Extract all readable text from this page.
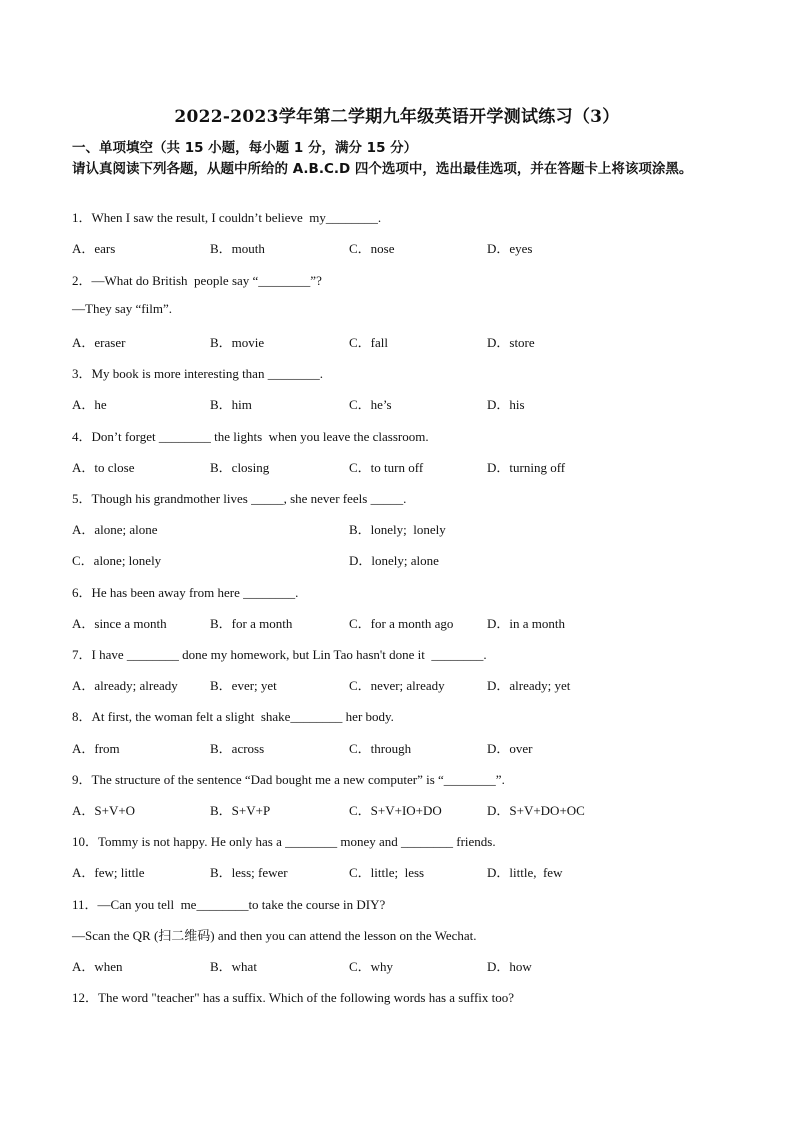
2022-2023学年第二学期九年级英语开学测试练习（3）
一、单项填空（共 15 小题，每小题 1 分，满分 15 分）
请认真阅读下列各题，从题中所给的 A.B.C.D 四个选项中，选出最佳选项，并在答题卡上将该项涂黑。
1．When I saw the result, I couldn’t believe  my________.
A．ears	B．mouth	C．nose	D．eyes
2．—What do British  people say “________”?
—They say “film”.
A．eraser	B．movie	C．fall	D．store
3．My book is more interesting than ________.
A．he	B．him	C．he’s	D．his
4．Don’t forget ________ the lights  when you leave the classroom.
A．to close	B．closing	C．to turn off	D．turning off
5．Though his grandmother lives _____, she never feels _____.
A．alone; alone	B．lonely;  lonely
C．alone; lonely	D．lonely; alone
6．He has been away from here ________.
A．since a month	B．for a month	C．for a month ago	D．in a month
7．I have ________ done my homework, but Lin Tao hasn't done it  ________.
A．already; already B．ever; yet	C．never; already	D．already; yet
8．At first, the woman felt a slight  shake________ her body.
A．from	B．across	C．through	D．over
9．The structure of the sentence “Dad bought me a new computer” is “________”.
A．S+V+O	B．S+V+P	C．S+V+IO+DO	D．S+V+DO+OC
10．Tommy is not happy. He only has a ________ money and ________ friends.
A．few; little	B．less; fewer	C．little;  less	D．little,  few
11．—Can you tell  me________to take the course in DIY?
—Scan the QR (扫二维码) and then you can attend the lesson on the Wechat.
A．when	B．what	C．why	D．how
12．The word "teacher" has a suffix. Which of the following words has a suffix too?
